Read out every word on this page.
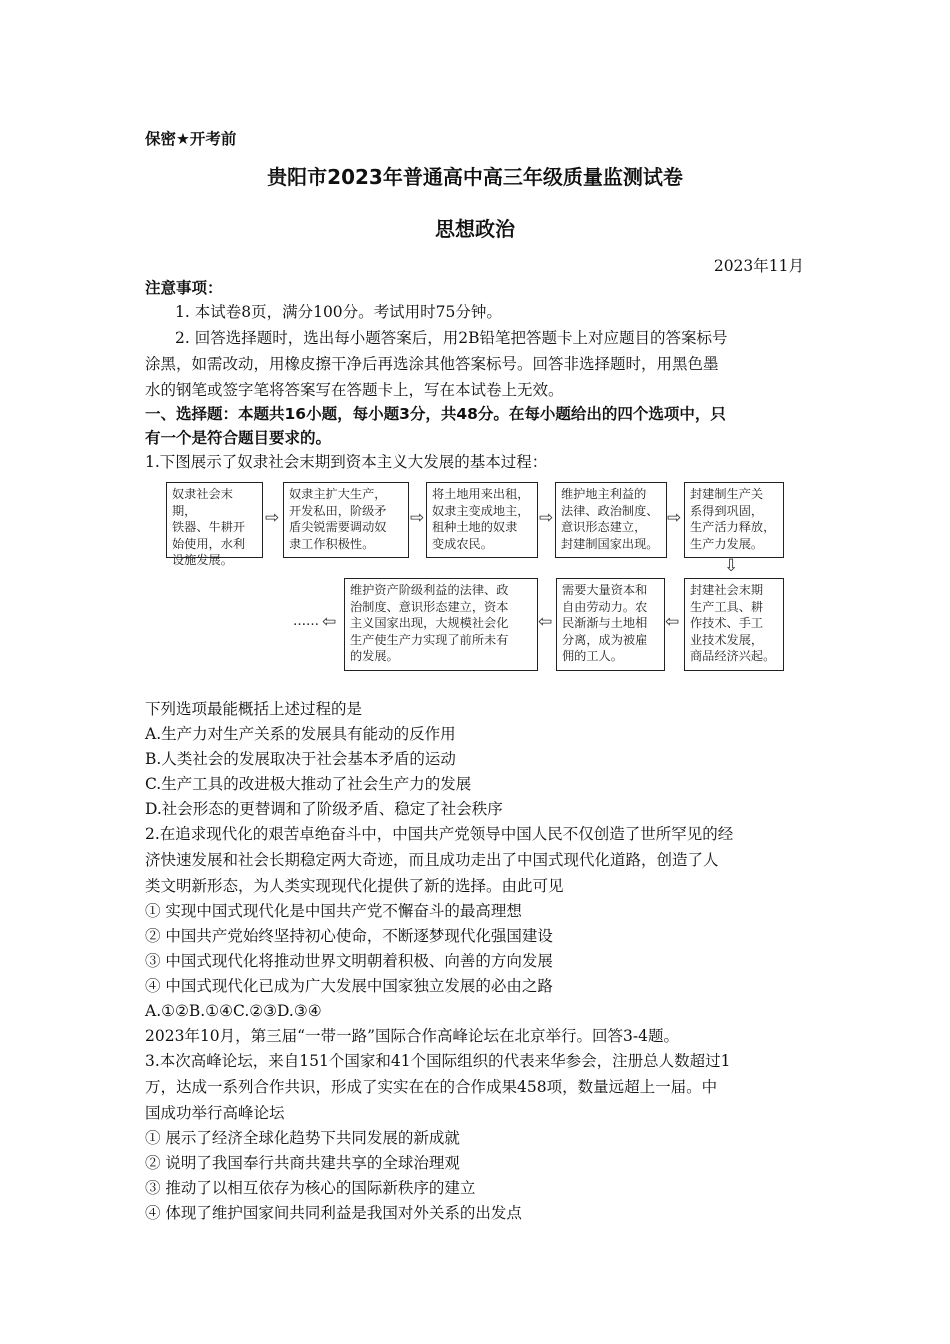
保密★开考前
贵阳市2023年普通高中高三年级质量监测试卷
思想政治
2023年11月
注意事项：
1. 本试卷8页，满分100分。考试用时75分钟。
2. 回答选择题时，选出每小题答案后，用2B铅笔把答题卡上对应题目的答案标号
涂黑，如需改动，用橡皮擦干净后再选涂其他答案标号。回答非选择题时，用黑色墨
水的钢笔或签字笔将答案写在答题卡上，写在本试卷上无效。
一、选择题：本题共16小题，每小题3分，共48分。在每小题给出的四个选项中，只
有一个是符合题目要求的。
1.下图展示了奴隶社会末期到资本主义大发展的基本过程：
奴隶社会末期，
铁器、牛耕开
始使用，水利
设施发展。
⇨
奴隶主扩大生产，
开发私田，阶级矛
盾尖锐需要调动奴
隶工作积极性。
⇨
将土地用来出租，
奴隶主变成地主，
租种土地的奴隶
变成农民。
⇨
维护地主利益的
法律、政治制度、
意识形态建立，
封建制国家出现。
⇨
封建制生产关
系得到巩固，
生产活力释放，
生产力发展。
⇩
封建社会末期
生产工具、耕
作技术、手工
业技术发展，
商品经济兴起。
⇦
需要大量资本和
自由劳动力。农
民渐渐与土地相
分离，成为被雇
佣的工人。
⇦
维护资产阶级利益的法律、政
治制度、意识形态建立，资本
主义国家出现，大规模社会化
生产使生产力实现了前所未有
的发展。
⇦
……
下列选项最能概括上述过程的是
A.生产力对生产关系的发展具有能动的反作用
B.人类社会的发展取决于社会基本矛盾的运动
C.生产工具的改进极大推动了社会生产力的发展
D.社会形态的更替调和了阶级矛盾、稳定了社会秩序
2.在追求现代化的艰苦卓绝奋斗中，中国共产党领导中国人民不仅创造了世所罕见的经
济快速发展和社会长期稳定两大奇迹，而且成功走出了中国式现代化道路，创造了人
类文明新形态，为人类实现现代化提供了新的选择。由此可见
① 实现中国式现代化是中国共产党不懈奋斗的最高理想
② 中国共产党始终坚持初心使命，不断逐梦现代化强国建设
③ 中国式现代化将推动世界文明朝着积极、向善的方向发展
④ 中国式现代化已成为广大发展中国家独立发展的必由之路
A.①②B.①④C.②③D.③④
2023年10月，第三届“一带一路”国际合作高峰论坛在北京举行。回答3-4题。
3.本次高峰论坛，来自151个国家和41个国际组织的代表来华参会，注册总人数超过1
万，达成一系列合作共识，形成了实实在在的合作成果458项，数量远超上一届。中
国成功举行高峰论坛
① 展示了经济全球化趋势下共同发展的新成就
② 说明了我国奉行共商共建共享的全球治理观
③ 推动了以相互依存为核心的国际新秩序的建立
④ 体现了维护国家间共同利益是我国对外关系的出发点
